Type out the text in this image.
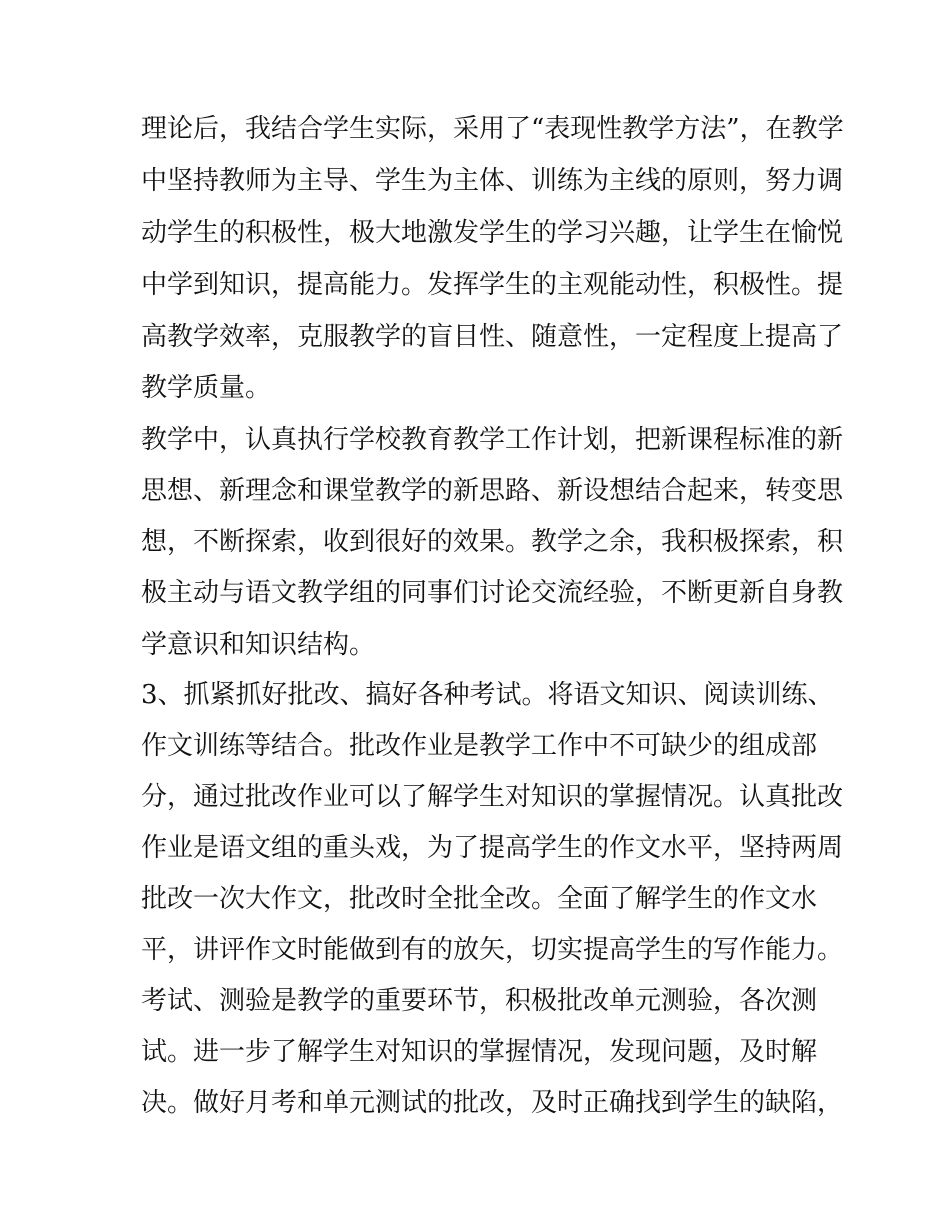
理论后，我结合学生实际，采用了“表现性教学方法”，在教学
中坚持教师为主导、学生为主体、训练为主线的原则，努力调
动学生的积极性，极大地激发学生的学习兴趣，让学生在愉悦
中学到知识，提高能力。发挥学生的主观能动性，积极性。提
高教学效率，克服教学的盲目性、随意性，一定程度上提高了
教学质量。
教学中，认真执行学校教育教学工作计划，把新课程标准的新
思想、新理念和课堂教学的新思路、新设想结合起来，转变思
想，不断探索，收到很好的效果。教学之余，我积极探索，积
极主动与语文教学组的同事们讨论交流经验，不断更新自身教
学意识和知识结构。
3、抓紧抓好批改、搞好各种考试。将语文知识、阅读训练、
作文训练等结合。批改作业是教学工作中不可缺少的组成部
分，通过批改作业可以了解学生对知识的掌握情况。认真批改
作业是语文组的重头戏，为了提高学生的作文水平，坚持两周
批改一次大作文，批改时全批全改。全面了解学生的作文水
平，讲评作文时能做到有的放矢，切实提高学生的写作能力。
考试、测验是教学的重要环节，积极批改单元测验，各次测
试。进一步了解学生对知识的掌握情况，发现问题，及时解
决。做好月考和单元测试的批改，及时正确找到学生的缺陷，
